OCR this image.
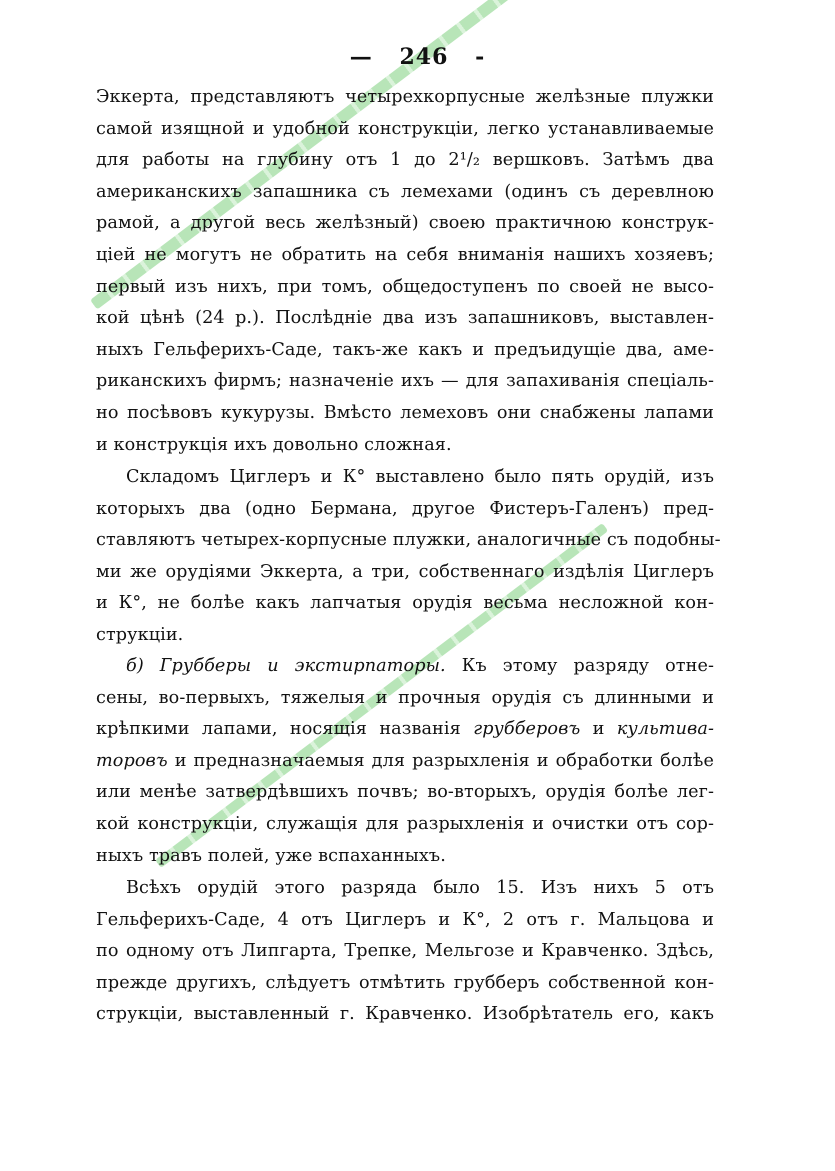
— 246 -
Эккерта, представляютъ четырехкорпусные желѣзные плужки
самой изящной и удобной конструкціи, легко устанавливаемые
для работы на глубину отъ 1 до 2¹/₂ вершковъ. Затѣмъ два
американскихъ запашника съ лемехами (одинъ съ деревлною
рамой, а другой весь желѣзный) своею практичною конструк-
ціей не могутъ не обратить на себя вниманія нашихъ хозяевъ;
первый изъ нихъ, при томъ, общедоступенъ по своей не высо-
кой цѣнѣ (24 р.). Послѣдніе два изъ запашниковъ, выставлен-
ныхъ Гельферихъ-Саде, такъ-же какъ и предъидущіе два, аме-
риканскихъ фирмъ; назначеніе ихъ — для запахиванія спеціаль-
но посѣвовъ кукурузы. Вмѣсто лемеховъ они снабжены лапами
и конструкція ихъ довольно сложная.
Складомъ Циглеръ и К° выставлено было пять орудій, изъ
которыхъ два (одно Бермана, другое Фистеръ-Галенъ) пред-
ставляютъ четырех-корпусные плужки, аналогичные съ подобны-
ми же орудіями Эккерта, а три, собственнаго издѣлія Циглеръ
и К°, не болѣе какъ лапчатыя орудія весьма несложной кон-
струкціи.
б) Грубберы и экстирпаторы. Къ этому разряду отне-
сены, во-первыхъ, тяжелыя и прочныя орудія съ длинными и
крѣпкими лапами, носящія названія грубберовъ и культива-
торовъ и предназначаемыя для разрыхленія и обработки болѣе
или менѣе затвердѣвшихъ почвъ; во-вторыхъ, орудія болѣе лег-
кой конструкціи, служащія для разрыхленія и очистки отъ сор-
ныхъ травъ полей, уже вспаханныхъ.
Всѣхъ орудій этого разряда было 15. Изъ нихъ 5 отъ
Гельферихъ-Саде, 4 отъ Циглеръ и К°, 2 отъ г. Мальцова и
по одному отъ Липгарта, Трепке, Мельгозе и Кравченко. Здѣсь,
прежде другихъ, слѣдуетъ отмѣтить грубберъ собственной кон-
струкціи, выставленный г. Кравченко. Изобрѣтатель его, какъ
